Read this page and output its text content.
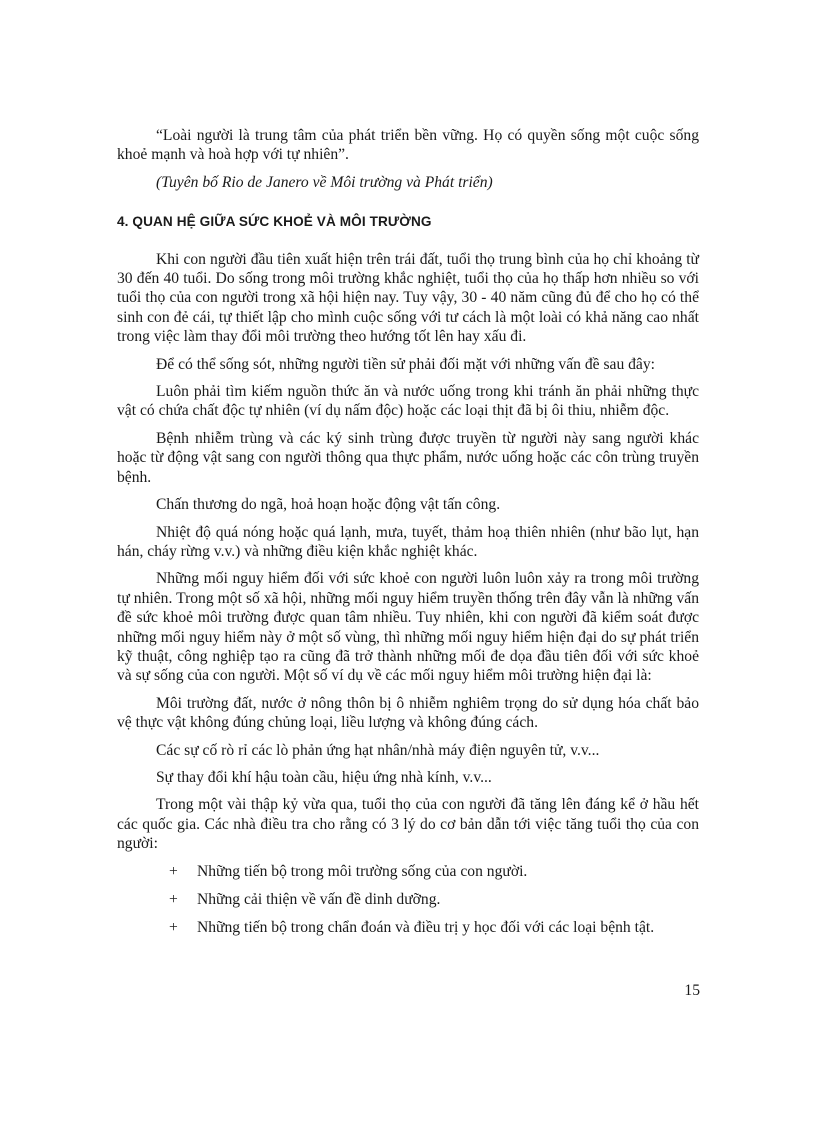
“Loài người là trung tâm của phát triển bền vững. Họ có quyền sống một cuộc sống khoẻ mạnh và hoà hợp với tự nhiên”.

(Tuyên bố Rio de Janero về Môi trường và Phát triển)

4. QUAN HỆ GIỮA SỨC KHOẺ VÀ MÔI TRƯỜNG

Khi con người đầu tiên xuất hiện trên trái đất, tuổi thọ trung bình của họ chỉ khoảng từ 30 đến 40 tuổi. Do sống trong môi trường khắc nghiệt, tuổi thọ của họ thấp hơn nhiều so với tuổi thọ của con người trong xã hội hiện nay. Tuy vậy, 30 - 40 năm cũng đủ để cho họ có thể sinh con đẻ cái, tự thiết lập cho mình cuộc sống với tư cách là một loài có khả năng cao nhất trong việc làm thay đổi môi trường theo hướng tốt lên hay xấu đi.

Để có thể sống sót, những người tiền sử phải đối mặt với những vấn đề sau đây:

Luôn phải tìm kiếm nguồn thức ăn và nước uống trong khi tránh ăn phải những thực vật có chứa chất độc tự nhiên (ví dụ nấm độc) hoặc các loại thịt đã bị ôi thiu, nhiễm độc.

Bệnh nhiễm trùng và các ký sinh trùng được truyền từ người này sang người khác hoặc từ động vật sang con người thông qua thực phẩm, nước uống hoặc các côn trùng truyền bệnh.

Chấn thương do ngã, hoả hoạn hoặc động vật tấn công.

Nhiệt độ quá nóng hoặc quá lạnh, mưa, tuyết, thảm hoạ thiên nhiên (như bão lụt, hạn hán, cháy rừng v.v.) và những điều kiện khắc nghiệt khác.

Những mối nguy hiểm đối với sức khoẻ con người luôn luôn xảy ra trong môi trường tự nhiên. Trong một số xã hội, những mối nguy hiểm truyền thống trên đây vẫn là những vấn đề sức khoẻ môi trường được quan tâm nhiều. Tuy nhiên, khi con người đã kiểm soát được những mối nguy hiểm này ở một số vùng, thì những mối nguy hiểm hiện đại do sự phát triển kỹ thuật, công nghiệp tạo ra cũng đã trở thành những mối đe dọa đầu tiên đối với sức khoẻ và sự sống của con người. Một số ví dụ về các mối nguy hiểm môi trường hiện đại là:

Môi trường đất, nước ở nông thôn bị ô nhiễm nghiêm trọng do sử dụng hóa chất bảo vệ thực vật không đúng chủng loại, liều lượng và không đúng cách.

Các sự cố rò rỉ các lò phản ứng hạt nhân/nhà máy điện nguyên tử, v.v...

Sự thay đổi khí hậu toàn cầu, hiệu ứng nhà kính, v.v...

Trong một vài thập kỷ vừa qua, tuổi thọ của con người đã tăng lên đáng kể ở hầu hết các quốc gia. Các nhà điều tra cho rằng có 3 lý do cơ bản dẫn tới việc tăng tuổi thọ của con người:

+	Những tiến bộ trong môi trường sống của con người.
+	Những cải thiện về vấn đề dinh dưỡng.
+	Những tiến bộ trong chẩn đoán và điều trị y học đối với các loại bệnh tật.
15
